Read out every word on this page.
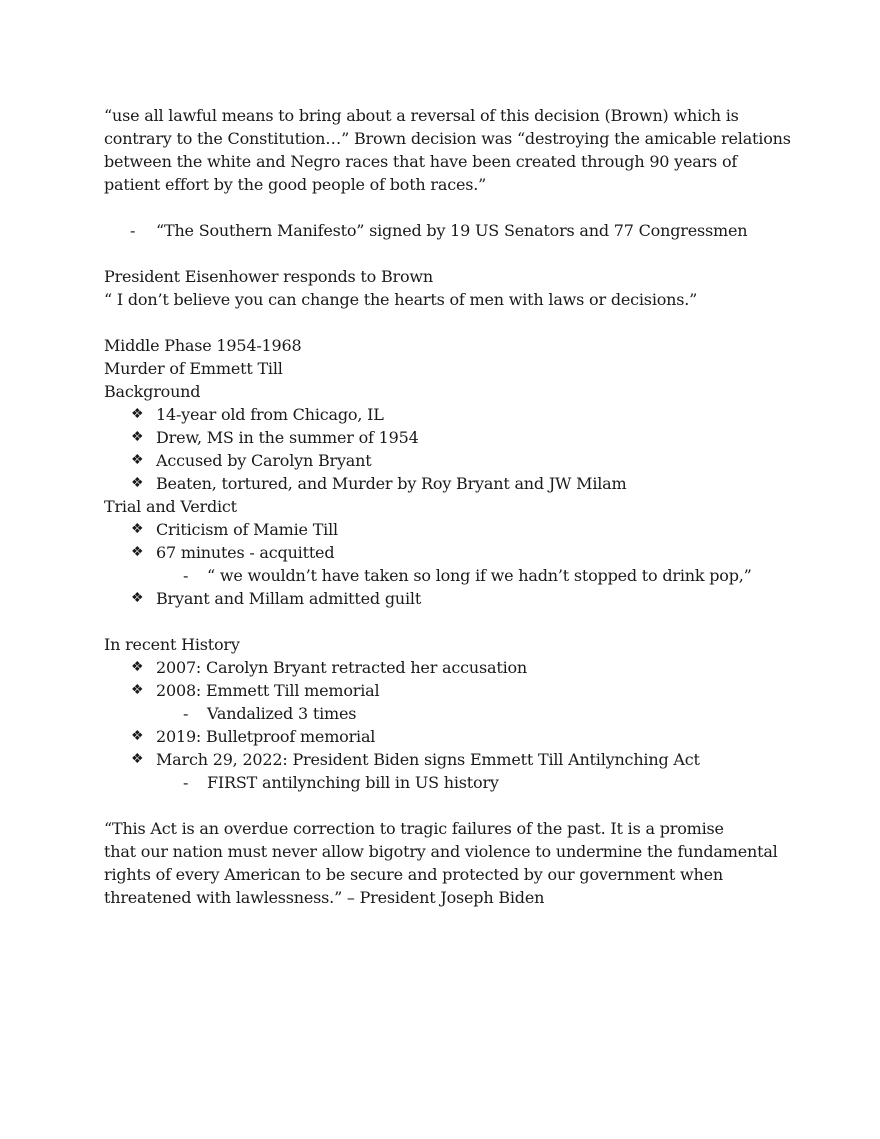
“use all lawful means to bring about a reversal of this decision (Brown) which is
contrary to the Constitution…” Brown decision was “destroying the amicable relations
between the white and Negro races that have been created through 90 years of
patient effort by the good people of both races.”
- “The Southern Manifesto” signed by 19 US Senators and 77 Congressmen
President Eisenhower responds to Brown
“ I don’t believe you can change the hearts of men with laws or decisions.”
Middle Phase 1954-1968
Murder of Emmett Till
Background
❖ 14-year old from Chicago, IL
❖ Drew, MS in the summer of 1954
❖ Accused by Carolyn Bryant
❖ Beaten, tortured, and Murder by Roy Bryant and JW Milam
Trial and Verdict
❖ Criticism of Mamie Till
❖ 67 minutes - acquitted
- “ we wouldn’t have taken so long if we hadn’t stopped to drink pop,”
❖ Bryant and Millam admitted guilt
In recent History
❖ 2007: Carolyn Bryant retracted her accusation
❖ 2008: Emmett Till memorial
- Vandalized 3 times
❖ 2019: Bulletproof memorial
❖ March 29, 2022: President Biden signs Emmett Till Antilynching Act
- FIRST antilynching bill in US history
“This Act is an overdue correction to tragic failures of the past. It is a promise
that our nation must never allow bigotry and violence to undermine the fundamental
rights of every American to be secure and protected by our government when
threatened with lawlessness.” – President Joseph Biden
